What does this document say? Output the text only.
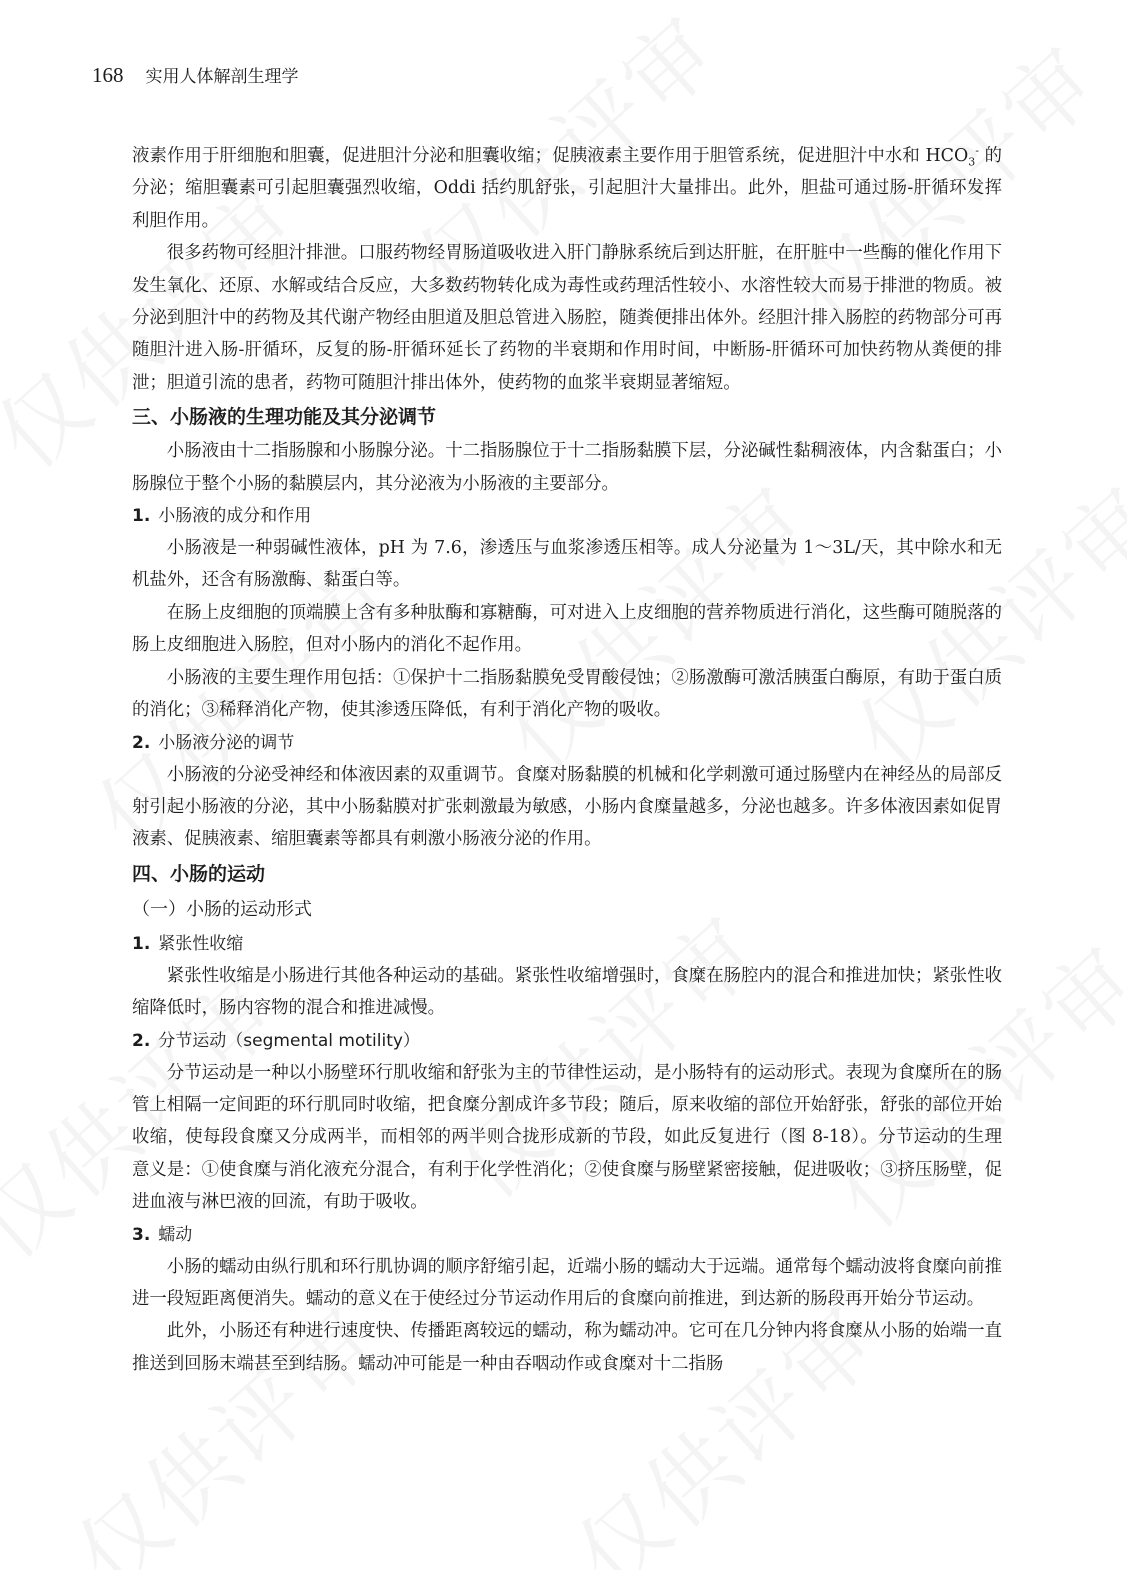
168 实用人体解剖生理学

液素作用于肝细胞和胆囊，促进胆汁分泌和胆囊收缩；促胰液素主要作用于胆管系统，促进胆汁中水和 $HCO_3^-$ 的分泌；缩胆囊素可引起胆囊强烈收缩，Oddi 括约肌舒张，引起胆汁大量排出。此外，胆盐可通过肠-肝循环发挥利胆作用。

很多药物可经胆汁排泄。口服药物经胃肠道吸收进入肝门静脉系统后到达肝脏，在肝脏中一些酶的催化作用下发生氧化、还原、水解或结合反应，大多数药物转化成为毒性或药理活性较小、水溶性较大而易于排泄的物质。被分泌到胆汁中的药物及其代谢产物经由胆道及胆总管进入肠腔，随粪便排出体外。经胆汁排入肠腔的药物部分可再随胆汁进入肠-肝循环，反复的肠-肝循环延长了药物的半衰期和作用时间，中断肠-肝循环可加快药物从粪便的排泄；胆道引流的患者，药物可随胆汁排出体外，使药物的血浆半衰期显著缩短。

三、小肠液的生理功能及其分泌调节

小肠液由十二指肠腺和小肠腺分泌。十二指肠腺位于十二指肠黏膜下层，分泌碱性黏稠液体，内含黏蛋白；小肠腺位于整个小肠的黏膜层内，其分泌液为小肠液的主要部分。

1. 小肠液的成分和作用

小肠液是一种弱碱性液体，pH 为 7.6，渗透压与血浆渗透压相等。成人分泌量为 1～3L/天，其中除水和无机盐外，还含有肠激酶、黏蛋白等。

在肠上皮细胞的顶端膜上含有多种肽酶和寡糖酶，可对进入上皮细胞的营养物质进行消化，这些酶可随脱落的肠上皮细胞进入肠腔，但对小肠内的消化不起作用。

小肠液的主要生理作用包括：①保护十二指肠黏膜免受胃酸侵蚀；②肠激酶可激活胰蛋白酶原，有助于蛋白质的消化；③稀释消化产物，使其渗透压降低，有利于消化产物的吸收。

2. 小肠液分泌的调节

小肠液的分泌受神经和体液因素的双重调节。食糜对肠黏膜的机械和化学刺激可通过肠壁内在神经丛的局部反射引起小肠液的分泌，其中小肠黏膜对扩张刺激最为敏感，小肠内食糜量越多，分泌也越多。许多体液因素如促胃液素、促胰液素、缩胆囊素等都具有刺激小肠液分泌的作用。

四、小肠的运动

（一）小肠的运动形式

1. 紧张性收缩

紧张性收缩是小肠进行其他各种运动的基础。紧张性收缩增强时，食糜在肠腔内的混合和推进加快；紧张性收缩降低时，肠内容物的混合和推进减慢。

2. 分节运动（segmental motility）

分节运动是一种以小肠壁环行肌收缩和舒张为主的节律性运动，是小肠特有的运动形式。表现为食糜所在的肠管上相隔一定间距的环行肌同时收缩，把食糜分割成许多节段；随后，原来收缩的部位开始舒张，舒张的部位开始收缩，使每段食糜又分成两半，而相邻的两半则合拢形成新的节段，如此反复进行（图 8-18）。分节运动的生理意义是：①使食糜与消化液充分混合，有利于化学性消化；②使食糜与肠壁紧密接触，促进吸收；③挤压肠壁，促进血液与淋巴液的回流，有助于吸收。

3. 蠕动

小肠的蠕动由纵行肌和环行肌协调的顺序舒缩引起，近端小肠的蠕动大于远端。通常每个蠕动波将食糜向前推进一段短距离便消失。蠕动的意义在于使经过分节运动作用后的食糜向前推进，到达新的肠段再开始分节运动。

此外，小肠还有种进行速度快、传播距离较远的蠕动，称为蠕动冲。它可在几分钟内将食糜从小肠的始端一直推送到回肠末端甚至到结肠。蠕动冲可能是一种由吞咽动作或食糜对十二指肠
